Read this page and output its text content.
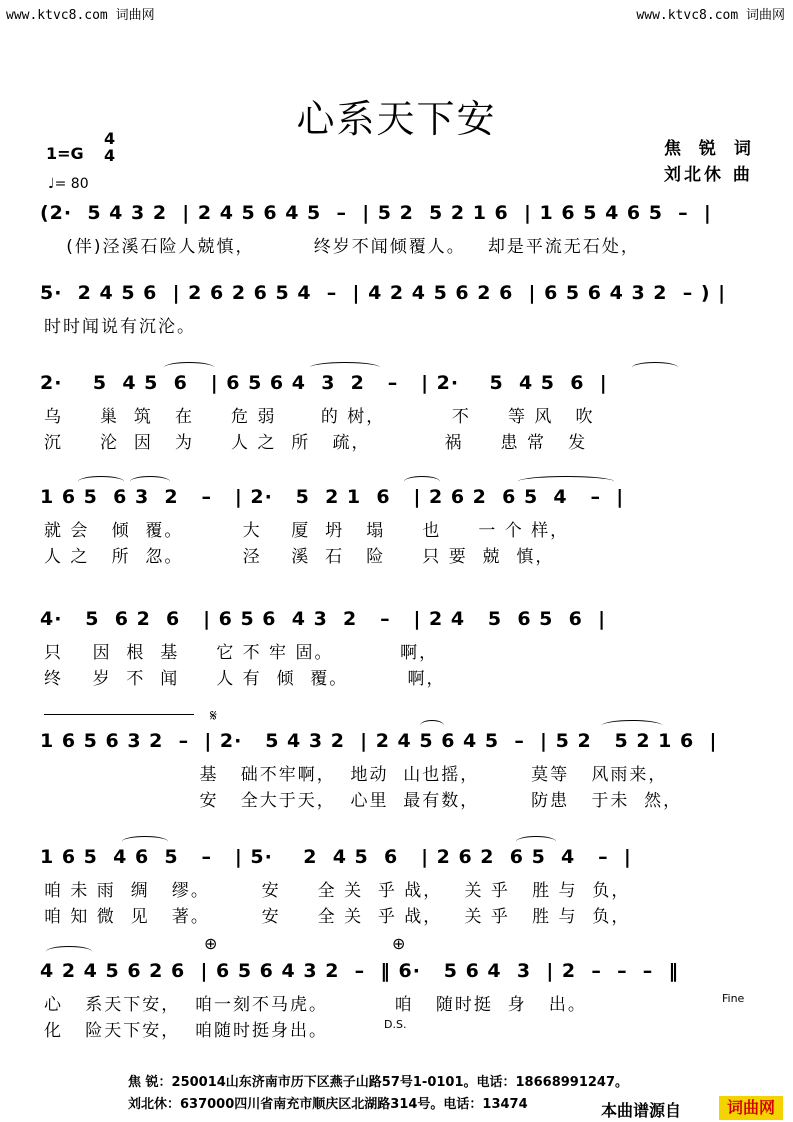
www.ktvc8.com 词曲网	www.ktvc8.com 词曲网
心系天下安
1=G
4
4
♩= 80
焦 锐 词
刘北休 曲
(2·  5 4 3 2  | 2 4 5 6 4 5  –  | 5 2  5 2 1 6  | 1 6 5 4 6 5  –  |
(伴)泾溪石险人兢慎，        终岁不闻倾覆人。   却是平流无石处，
5·  2 4 5 6  | 2 6 2 6 5 4  –  | 4 2 4 5 6 2 6  | 6 5 6 4 3 2  – ) |
时时闻说有沉沦。
2·    5  4 5  6   | 6 5 6 4  3  2   –   | 2·    5  4 5  6  |
乌     巢  筑   在     危 弱      的 树，         不     等 风   吹
沉     沦  因   为     人 之  所   疏，          祸     患 常   发
1 6 5  6 3  2   –   | 2·   5  2 1  6   | 2 6 2  6 5  4   –  |
就 会   倾  覆。        大    厦  坍   塌     也     一 个 样，
人 之   所  忽。        泾    溪  石   险     只 要  兢  慎，
4·   5  6 2  6   | 6 5 6  4 3  2   –   | 2 4   5  6 5  6  |
只    因  根  基     它 不 牢 固。         啊，
终    岁  不  闻     人 有  倾  覆。        啊，
𝄋
1 6 5 6 3 2  –  | 2·   5 4 3 2  | 2 4 5 6 4 5  –  | 5 2   5 2 1 6  |
基   础不牢啊，  地动  山也摇，       莫等   风雨来，
安   全大于天，  心里  最有数，       防患   于未  然，
1 6 5  4 6  5   –   | 5·    2  4 5  6   | 2 6 2  6 5  4   –  |
咱 未 雨  绸   缪。       安     全 关  乎 战，   关 乎   胜 与  负，
咱 知 微  见   著。       安     全 关  乎 战，   关 乎   胜 与  负，
⊕	⊕
4 2 4 5 6 2 6  | 6 5 6 4 3 2  –  ‖ 6·   5 6 4  3  | 2  –  –  –  ‖
心   系天下安，  咱一刻不马虎。         咱   随时挺  身   出。
化   险天下安，  咱随时挺身出。
Fine
D.S.
焦 锐：250014山东济南市历下区燕子山路57号1-0101。电话：18668991247。
刘北休：637000四川省南充市顺庆区北湖路314号。电话：13474	本曲谱源自	词曲网
